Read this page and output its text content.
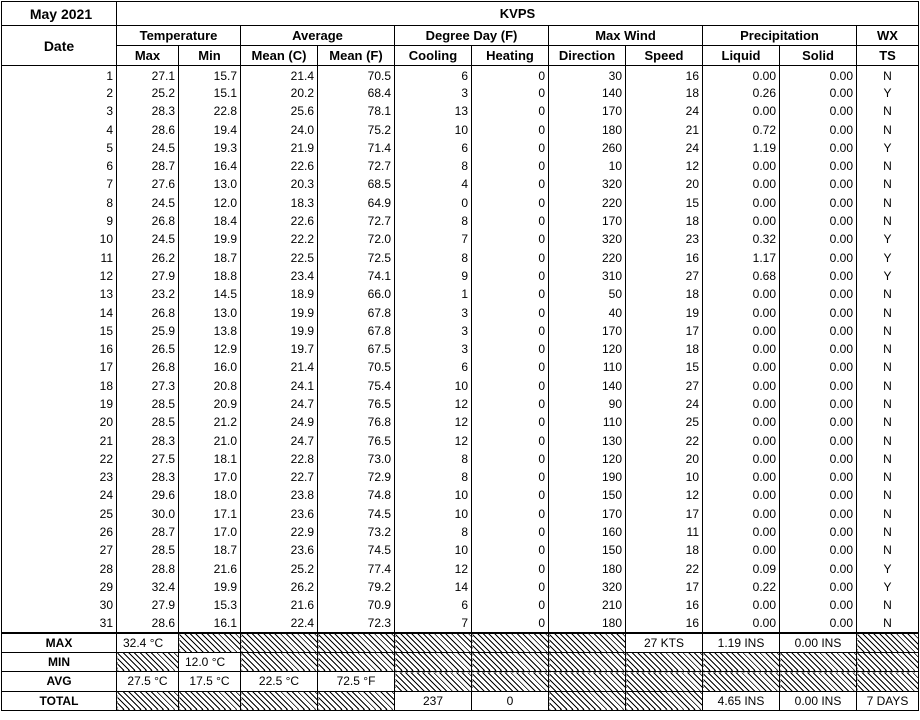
May 2021	KVPS										
Date	Temperature		Average		Degree Day (F)		Max Wind		Precipitation		WX
	Max	Min	Mean (C)	Mean (F)	Cooling	Heating	Direction	Speed	Liquid	Solid	TS
1	27.1	15.7	21.4	70.5	6	0	30	16	0.00	0.00	N
2	25.2	15.1	20.2	68.4	3	0	140	18	0.26	0.00	Y
3	28.3	22.8	25.6	78.1	13	0	170	24	0.00	0.00	N
4	28.6	19.4	24.0	75.2	10	0	180	21	0.72	0.00	N
5	24.5	19.3	21.9	71.4	6	0	260	24	1.19	0.00	Y
6	28.7	16.4	22.6	72.7	8	0	10	12	0.00	0.00	N
7	27.6	13.0	20.3	68.5	4	0	320	20	0.00	0.00	N
8	24.5	12.0	18.3	64.9	0	0	220	15	0.00	0.00	N
9	26.8	18.4	22.6	72.7	8	0	170	18	0.00	0.00	N
10	24.5	19.9	22.2	72.0	7	0	320	23	0.32	0.00	Y
11	26.2	18.7	22.5	72.5	8	0	220	16	1.17	0.00	Y
12	27.9	18.8	23.4	74.1	9	0	310	27	0.68	0.00	Y
13	23.2	14.5	18.9	66.0	1	0	50	18	0.00	0.00	N
14	26.8	13.0	19.9	67.8	3	0	40	19	0.00	0.00	N
15	25.9	13.8	19.9	67.8	3	0	170	17	0.00	0.00	N
16	26.5	12.9	19.7	67.5	3	0	120	18	0.00	0.00	N
17	26.8	16.0	21.4	70.5	6	0	110	15	0.00	0.00	N
18	27.3	20.8	24.1	75.4	10	0	140	27	0.00	0.00	N
19	28.5	20.9	24.7	76.5	12	0	90	24	0.00	0.00	N
20	28.5	21.2	24.9	76.8	12	0	110	25	0.00	0.00	N
21	28.3	21.0	24.7	76.5	12	0	130	22	0.00	0.00	N
22	27.5	18.1	22.8	73.0	8	0	120	20	0.00	0.00	N
23	28.3	17.0	22.7	72.9	8	0	190	10	0.00	0.00	N
24	29.6	18.0	23.8	74.8	10	0	150	12	0.00	0.00	N
25	30.0	17.1	23.6	74.5	10	0	170	17	0.00	0.00	N
26	28.7	17.0	22.9	73.2	8	0	160	11	0.00	0.00	N
27	28.5	18.7	23.6	74.5	10	0	150	18	0.00	0.00	N
28	28.8	21.6	25.2	77.4	12	0	180	22	0.09	0.00	Y
29	32.4	19.9	26.2	79.2	14	0	320	17	0.22	0.00	Y
30	27.9	15.3	21.6	70.9	6	0	210	16	0.00	0.00	N
31	28.6	16.1	22.4	72.3	7	0	180	16	0.00	0.00	N
MAX	32.4 °C							27 KTS	1.19 INS	0.00 INS	
MIN		12.0 °C									
AVG	27.5 °C	17.5 °C	22.5 °C	72.5 °F							
TOTAL					237	0			4.65 INS	0.00 INS	7 DAYS
